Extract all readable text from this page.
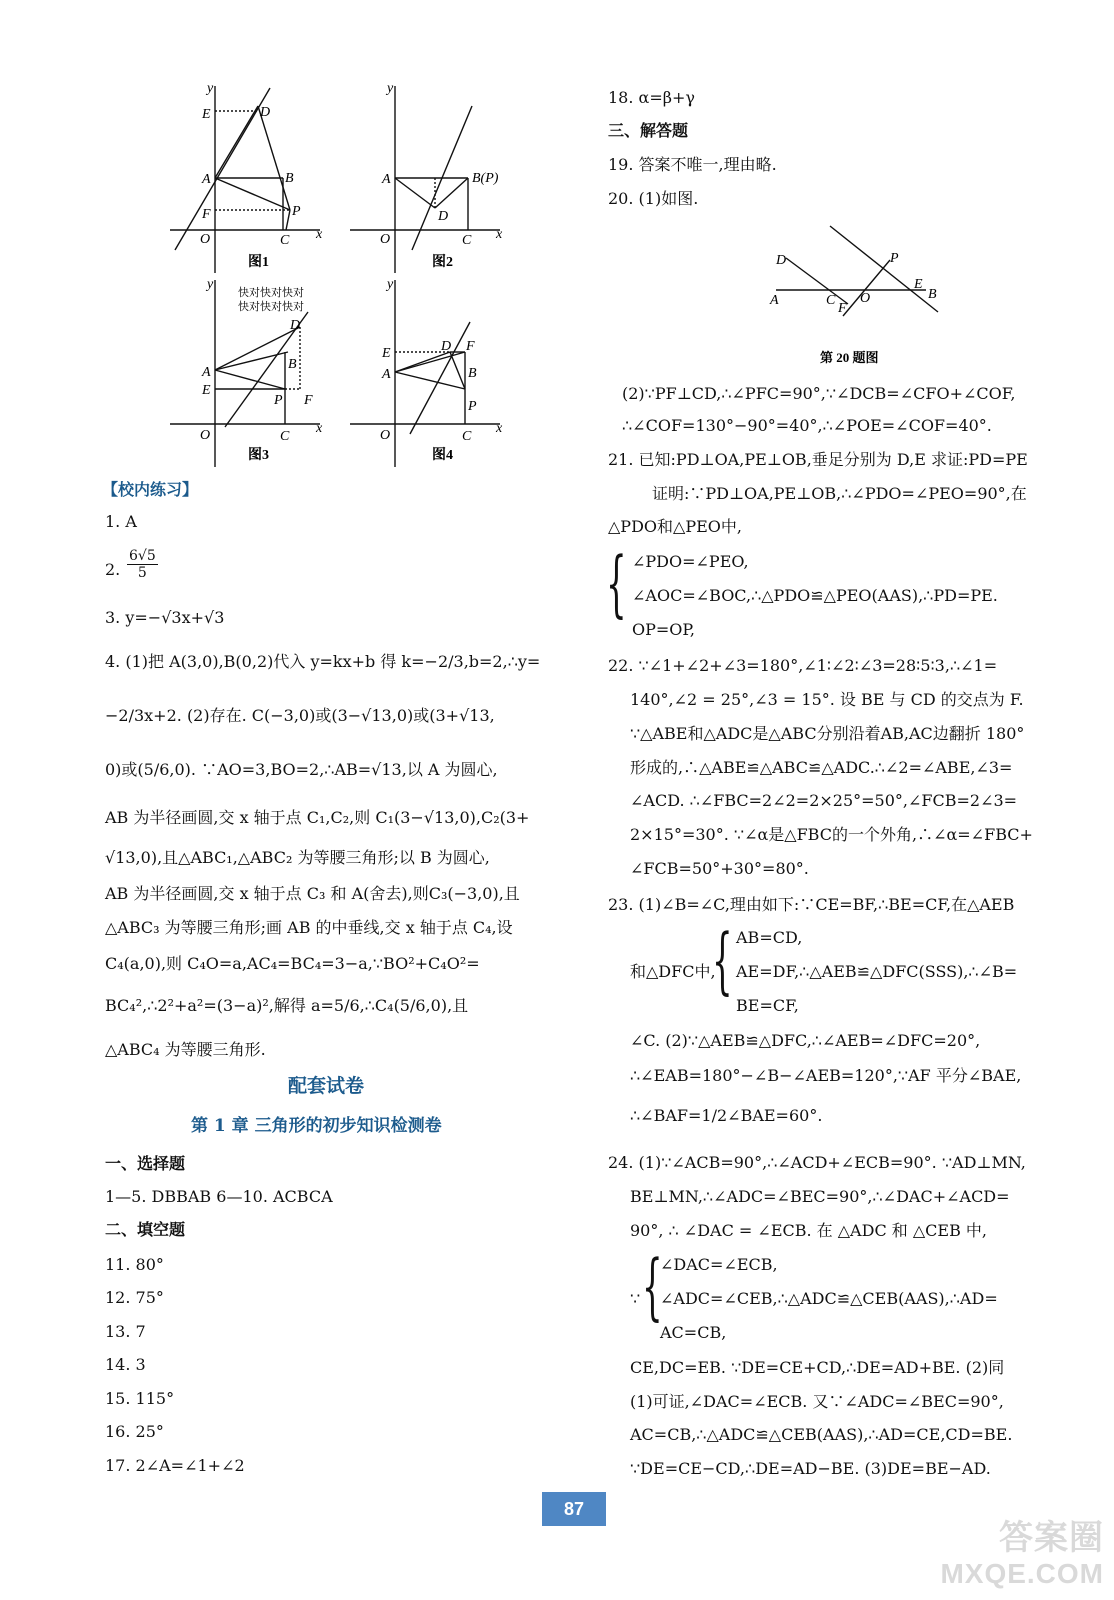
y
x
O
E	D
A	B
F	P
C
图1
y
x
O
A	B(P)
D
C
图2
快对快对快对
快对快对快对
y
x
O
D
B
A
E
P F
C
图3
y
x
O
E	D F
A	B
P
C
图4
【校内练习】
1. A
2. $\frac{6√5}{5}$
3. y=−√3x+√3
4. (1)把 A(3,0),B(0,2)代入 y=kx+b 得 k=−2/3,b=2,∴y=
−2/3x+2. (2)存在. C(−3,0)或(3−√13,0)或(3+√13,
0)或(5/6,0). ∵AO=3,BO=2,∴AB=√13,以 A 为圆心,
AB 为半径画圆,交 x 轴于点 C₁,C₂,则 C₁(3−√13,0),C₂(3+
√13,0),且△ABC₁,△ABC₂ 为等腰三角形;以 B 为圆心,
AB 为半径画圆,交 x 轴于点 C₃ 和 A(舍去),则C₃(−3,0),且
△ABC₃ 为等腰三角形;画 AB 的中垂线,交 x 轴于点 C₄,设
C₄(a,0),则 C₄O=a,AC₄=BC₄=3−a,∵BO²+C₄O²=
BC₄²,∴2²+a²=(3−a)²,解得 a=5/6,∴C₄(5/6,0),且
△ABC₄ 为等腰三角形.
配套试卷
第 1 章 三角形的初步知识检测卷
一、选择题
1—5. DBBAB 6—10. ACBCA
二、填空题
11. 80°
12. 75°
13. 7
14. 3
15. 115°
16. 25°
17. 2∠A=∠1+∠2
18. α=β+γ
三、解答题
19. 答案不唯一,理由略.
20. (1)如图.
D	P
E
B
A	C
F
O
第 20 题图
(2)∵PF⊥CD,∴∠PFC=90°,∵∠DCB=∠CFO+∠COF,
∴∠COF=130°−90°=40°,∴∠POE=∠COF=40°.
21. 已知:PD⊥OA,PE⊥OB,垂足分别为 D,E 求证:PD=PE
证明:∵PD⊥OA,PE⊥OB,∴∠PDO=∠PEO=90°,在
△PDO和△PEO中,
{ ∠PDO=∠PEO,
∠AOC=∠BOC,∴△PDO≌△PEO(AAS),∴PD=PE.
OP=OP,
22. ∵∠1+∠2+∠3=180°,∠1∶∠2∶∠3=28∶5∶3,∴∠1=
140°,∠2 = 25°,∠3 = 15°. 设 BE 与 CD 的交点为 F.
∵△ABE和△ADC是△ABC分别沿着AB,AC边翻折 180°
形成的,∴△ABE≌△ABC≌△ADC.∴∠2=∠ABE,∠3=
∠ACD. ∴∠FBC=2∠2=2×25°=50°,∠FCB=2∠3=
2×15°=30°. ∵∠α是△FBC的一个外角,∴∠α=∠FBC+
∠FCB=50°+30°=80°.
23. (1)∠B=∠C,理由如下:∵CE=BF,∴BE=CF,在△AEB
和△DFC中,
{ AB=CD,
AE=DF,∴△AEB≌△DFC(SSS),∴∠B=
BE=CF,
∠C. (2)∵△AEB≌△DFC,∴∠AEB=∠DFC=20°,
∴∠EAB=180°−∠B−∠AEB=120°,∵AF 平分∠BAE,
∴∠BAF=1/2∠BAE=60°.
24. (1)∵∠ACB=90°,∴∠ACD+∠ECB=90°. ∵AD⊥MN,
BE⊥MN,∴∠ADC=∠BEC=90°,∴∠DAC+∠ACD=
90°, ∴ ∠DAC = ∠ECB. 在 △ADC 和 △CEB 中,
∵ {
∠DAC=∠ECB,
∠ADC=∠CEB,∴△ADC≌△CEB(AAS),∴AD=
AC=CB,
CE,DC=EB. ∵DE=CE+CD,∴DE=AD+BE. (2)同
(1)可证,∠DAC=∠ECB. 又∵∠ADC=∠BEC=90°,
AC=CB,∴△ADC≌△CEB(AAS),∴AD=CE,CD=BE.
∵DE=CE−CD,∴DE=AD−BE. (3)DE=BE−AD.
87
答案圈
MXQE.COM
